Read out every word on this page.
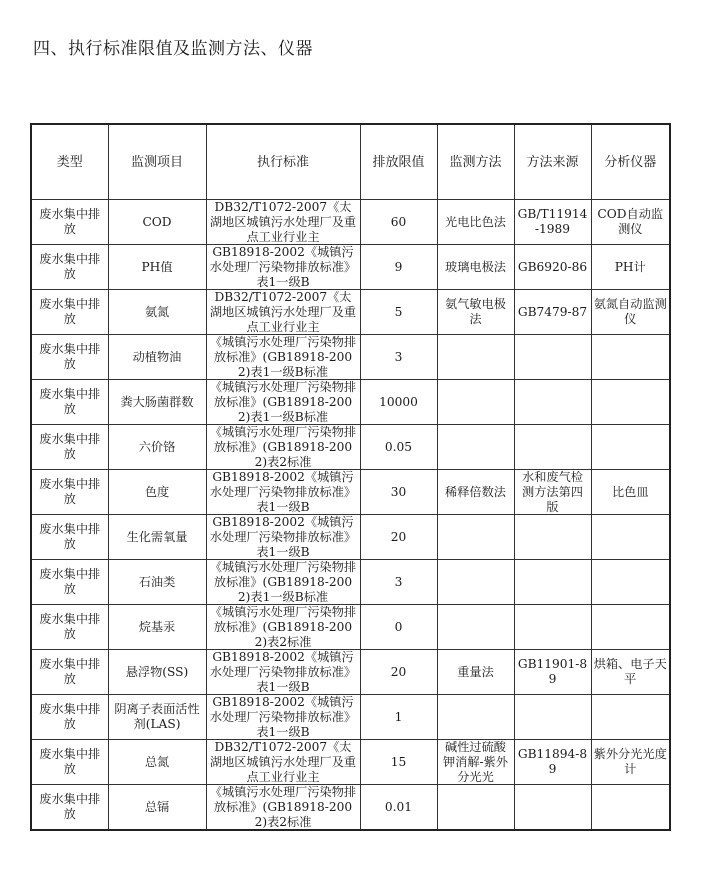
四、执行标准限值及监测方法、仪器
类型	监测项目	执行标准	排放限值	监测方法	方法来源	分析仪器

废水集中排放	COD	DB32/T1072-2007《太湖地区城镇污水处理厂及重点工业行业主	60	光电比色法	GB/T11914-1989	COD自动监测仪

废水集中排放	PH值	GB18918-2002《城镇污水处理厂污染物排放标准》表1一级B	9	玻璃电极法	GB6920-86	PH计

废水集中排放	氨氮	DB32/T1072-2007《太湖地区城镇污水处理厂及重点工业行业主	5	氨气敏电极法	GB7479-87	氨氮自动监测仪

废水集中排放	动植物油	《城镇污水处理厂污染物排放标准》(GB18918-2002)表1一级B标准	3			

废水集中排放	粪大肠菌群数	《城镇污水处理厂污染物排放标准》(GB18918-2002)表1一级B标准	10000			

废水集中排放	六价铬	《城镇污水处理厂污染物排放标准》(GB18918-2002)表2标准	0.05			

废水集中排放	色度	GB18918-2002《城镇污水处理厂污染物排放标准》表1一级B	30	稀释倍数法	水和废气检测方法第四版	比色皿

废水集中排放	生化需氧量	GB18918-2002《城镇污水处理厂污染物排放标准》表1一级B	20			

废水集中排放	石油类	《城镇污水处理厂污染物排放标准》(GB18918-2002)表1一级B标准	3			

废水集中排放	烷基汞	《城镇污水处理厂污染物排放标准》(GB18918-2002)表2标准	0			

废水集中排放	悬浮物(SS)	GB18918-2002《城镇污水处理厂污染物排放标准》表1一级B	20	重量法	GB11901-89	烘箱、电子天平

废水集中排放	阴离子表面活性剂(LAS)	GB18918-2002《城镇污水处理厂污染物排放标准》表1一级B	1			

废水集中排放	总氮	DB32/T1072-2007《太湖地区城镇污水处理厂及重点工业行业主	15	碱性过硫酸钾消解-紫外分光光	GB11894-89	紫外分光光度计

废水集中排放	总镉	《城镇污水处理厂污染物排放标准》(GB18918-2002)表2标准	0.01			
